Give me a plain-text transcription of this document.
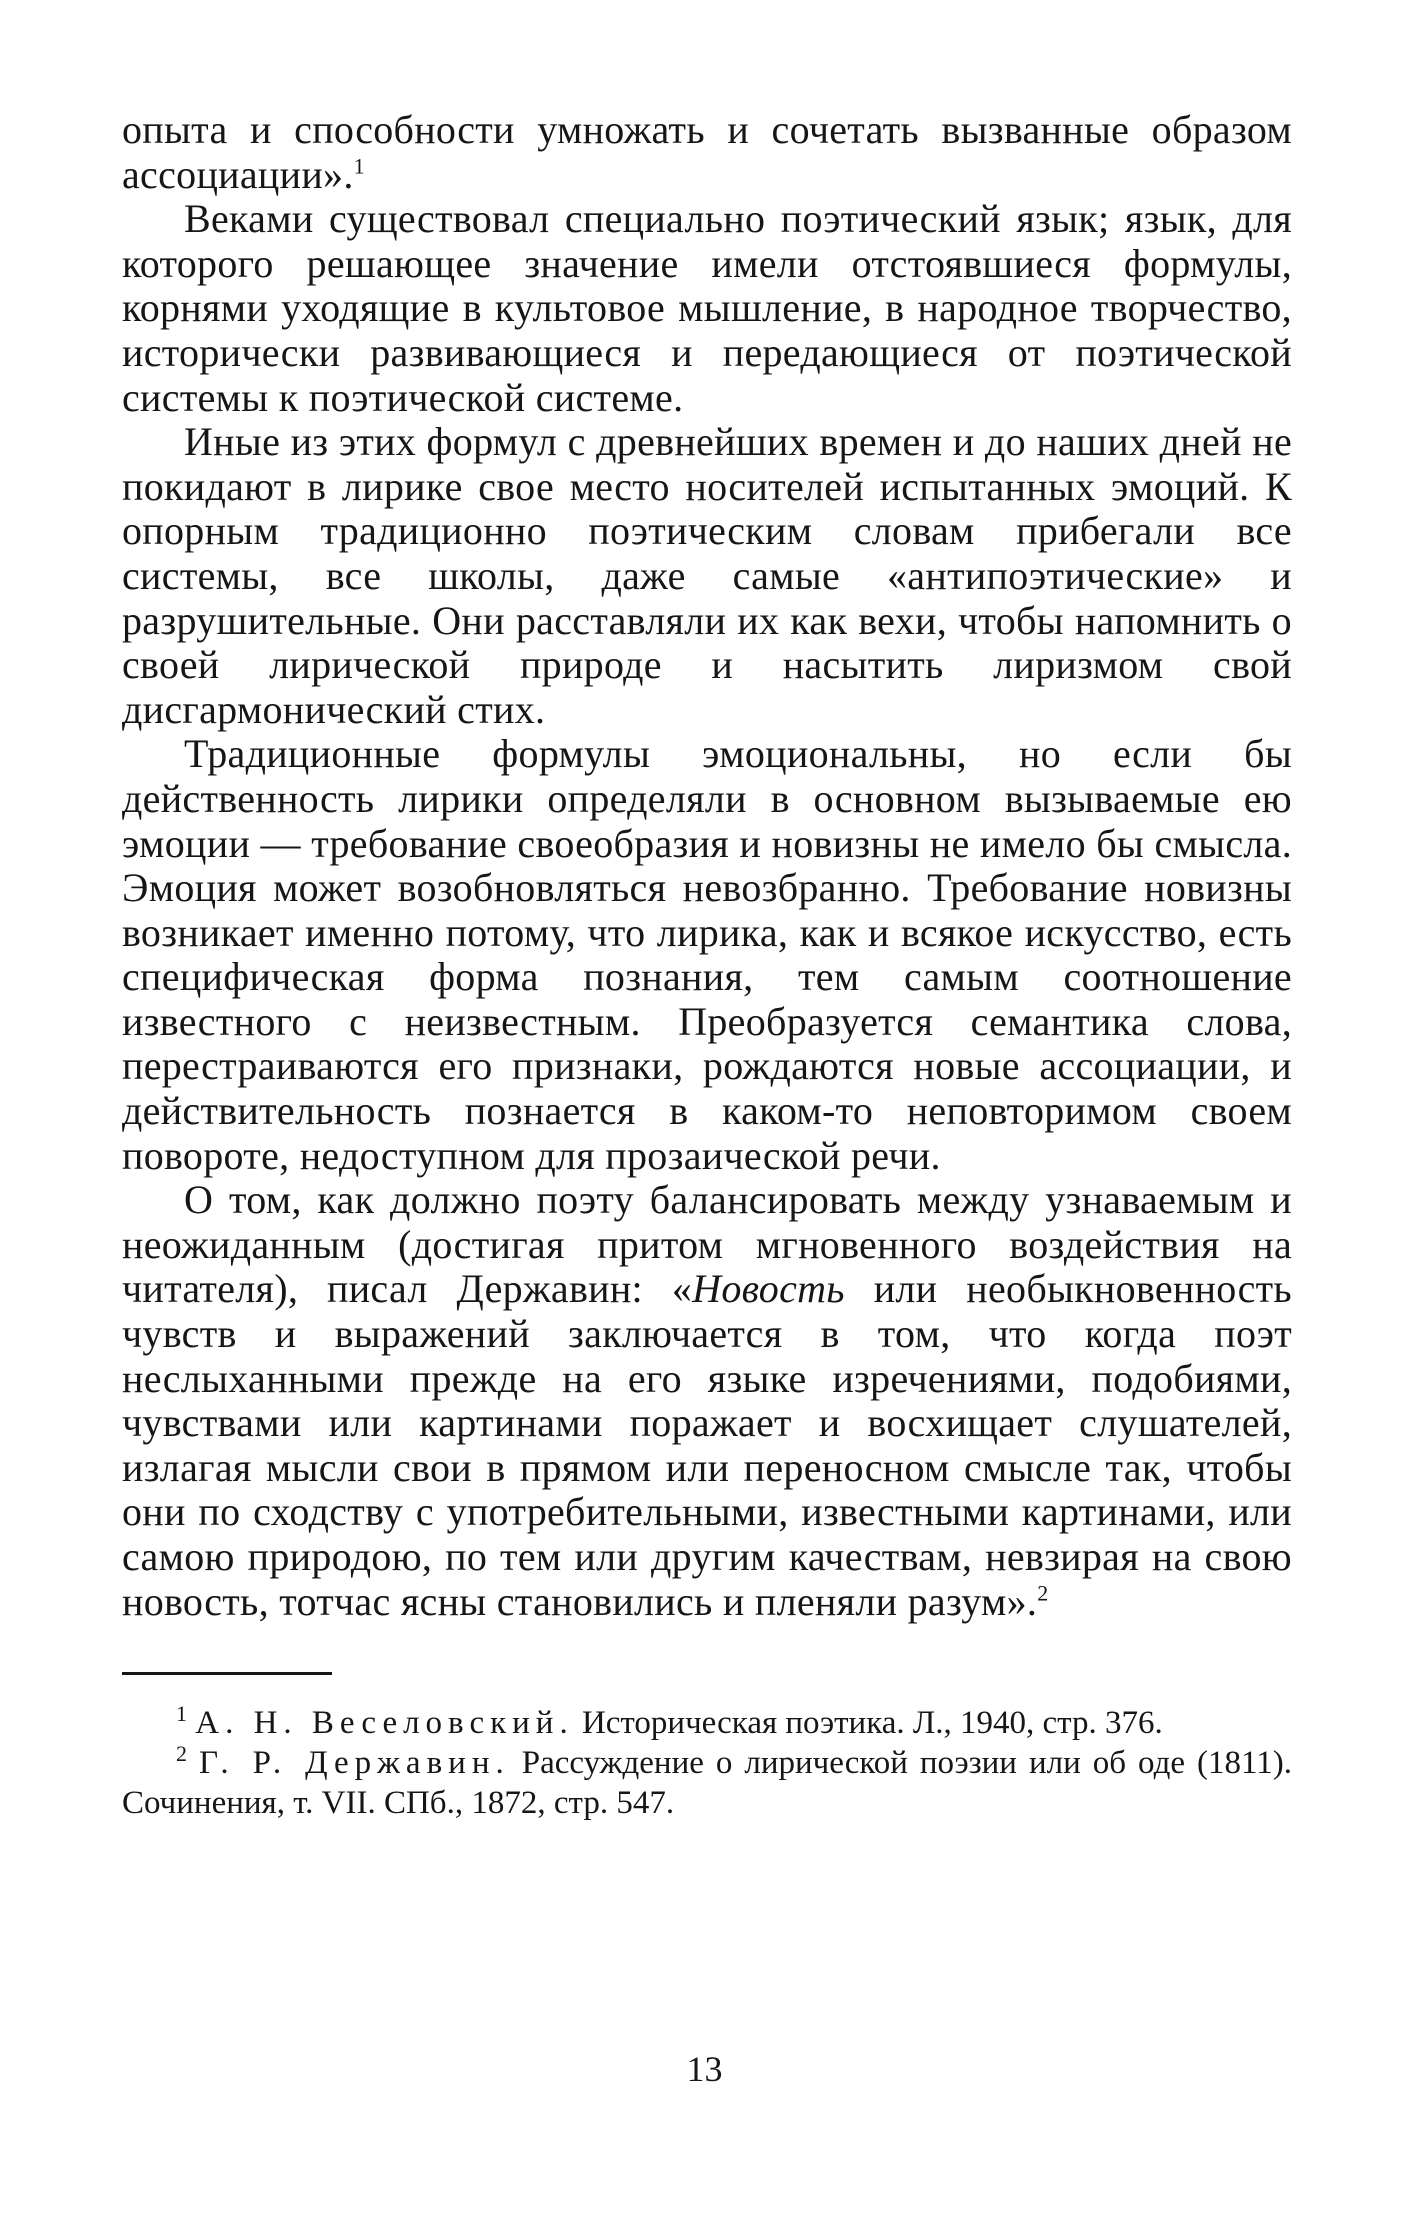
опыта и способности умножать и сочетать вызванные образом ассоциации».$^1$

Веками существовал специально поэтический язык; язык, для которого решающее значение имели отстоявшиеся формулы, корнями уходящие в культовое мышление, в народное творчество, исторически развивающиеся и передающиеся от поэтической системы к поэтической системе.

Иные из этих формул с древнейших времен и до наших дней не покидают в лирике свое место носителей испытанных эмоций. К опорным традиционно поэтическим словам прибегали все системы, все школы, даже самые «антипоэтические» и разрушительные. Они расставляли их как вехи, чтобы напомнить о своей лирической природе и насытить лиризмом свой дисгармонический стих.

Традиционные формулы эмоциональны, но если бы действенность лирики определяли в основном вызываемые ею эмоции — требование своеобразия и новизны не имело бы смысла. Эмоция может возобновляться невозбранно. Требование новизны возникает именно потому, что лирика, как и всякое искусство, есть специфическая форма познания, тем самым соотношение известного с неизвестным. Преобразуется семантика слова, перестраиваются его признаки, рождаются новые ассоциации, и действительность познается в каком-то неповторимом своем повороте, недоступном для прозаической речи.

О том, как должно поэту балансировать между узнаваемым и неожиданным (достигая притом мгновенного воздействия на читателя), писал Державин: «Новость или необыкновенность чувств и выражений заключается в том, что когда поэт неслыханными прежде на его языке изречениями, подобиями, чувствами или картинами поражает и восхищает слушателей, излагая мысли свои в прямом или переносном смысле так, чтобы они по сходству с употребительными, известными картинами, или самою природою, по тем или другим качествам, невзирая на свою новость, тотчас ясны становились и пленяли разум».$^2$

$^1$ А. Н. Веселовский. Историческая поэтика. Л., 1940, стр. 376.

$^2$ Г. Р. Державин. Рассуждение о лирической поэзии или об оде (1811). Сочинения, т. VII. СПб., 1872, стр. 547.

13
